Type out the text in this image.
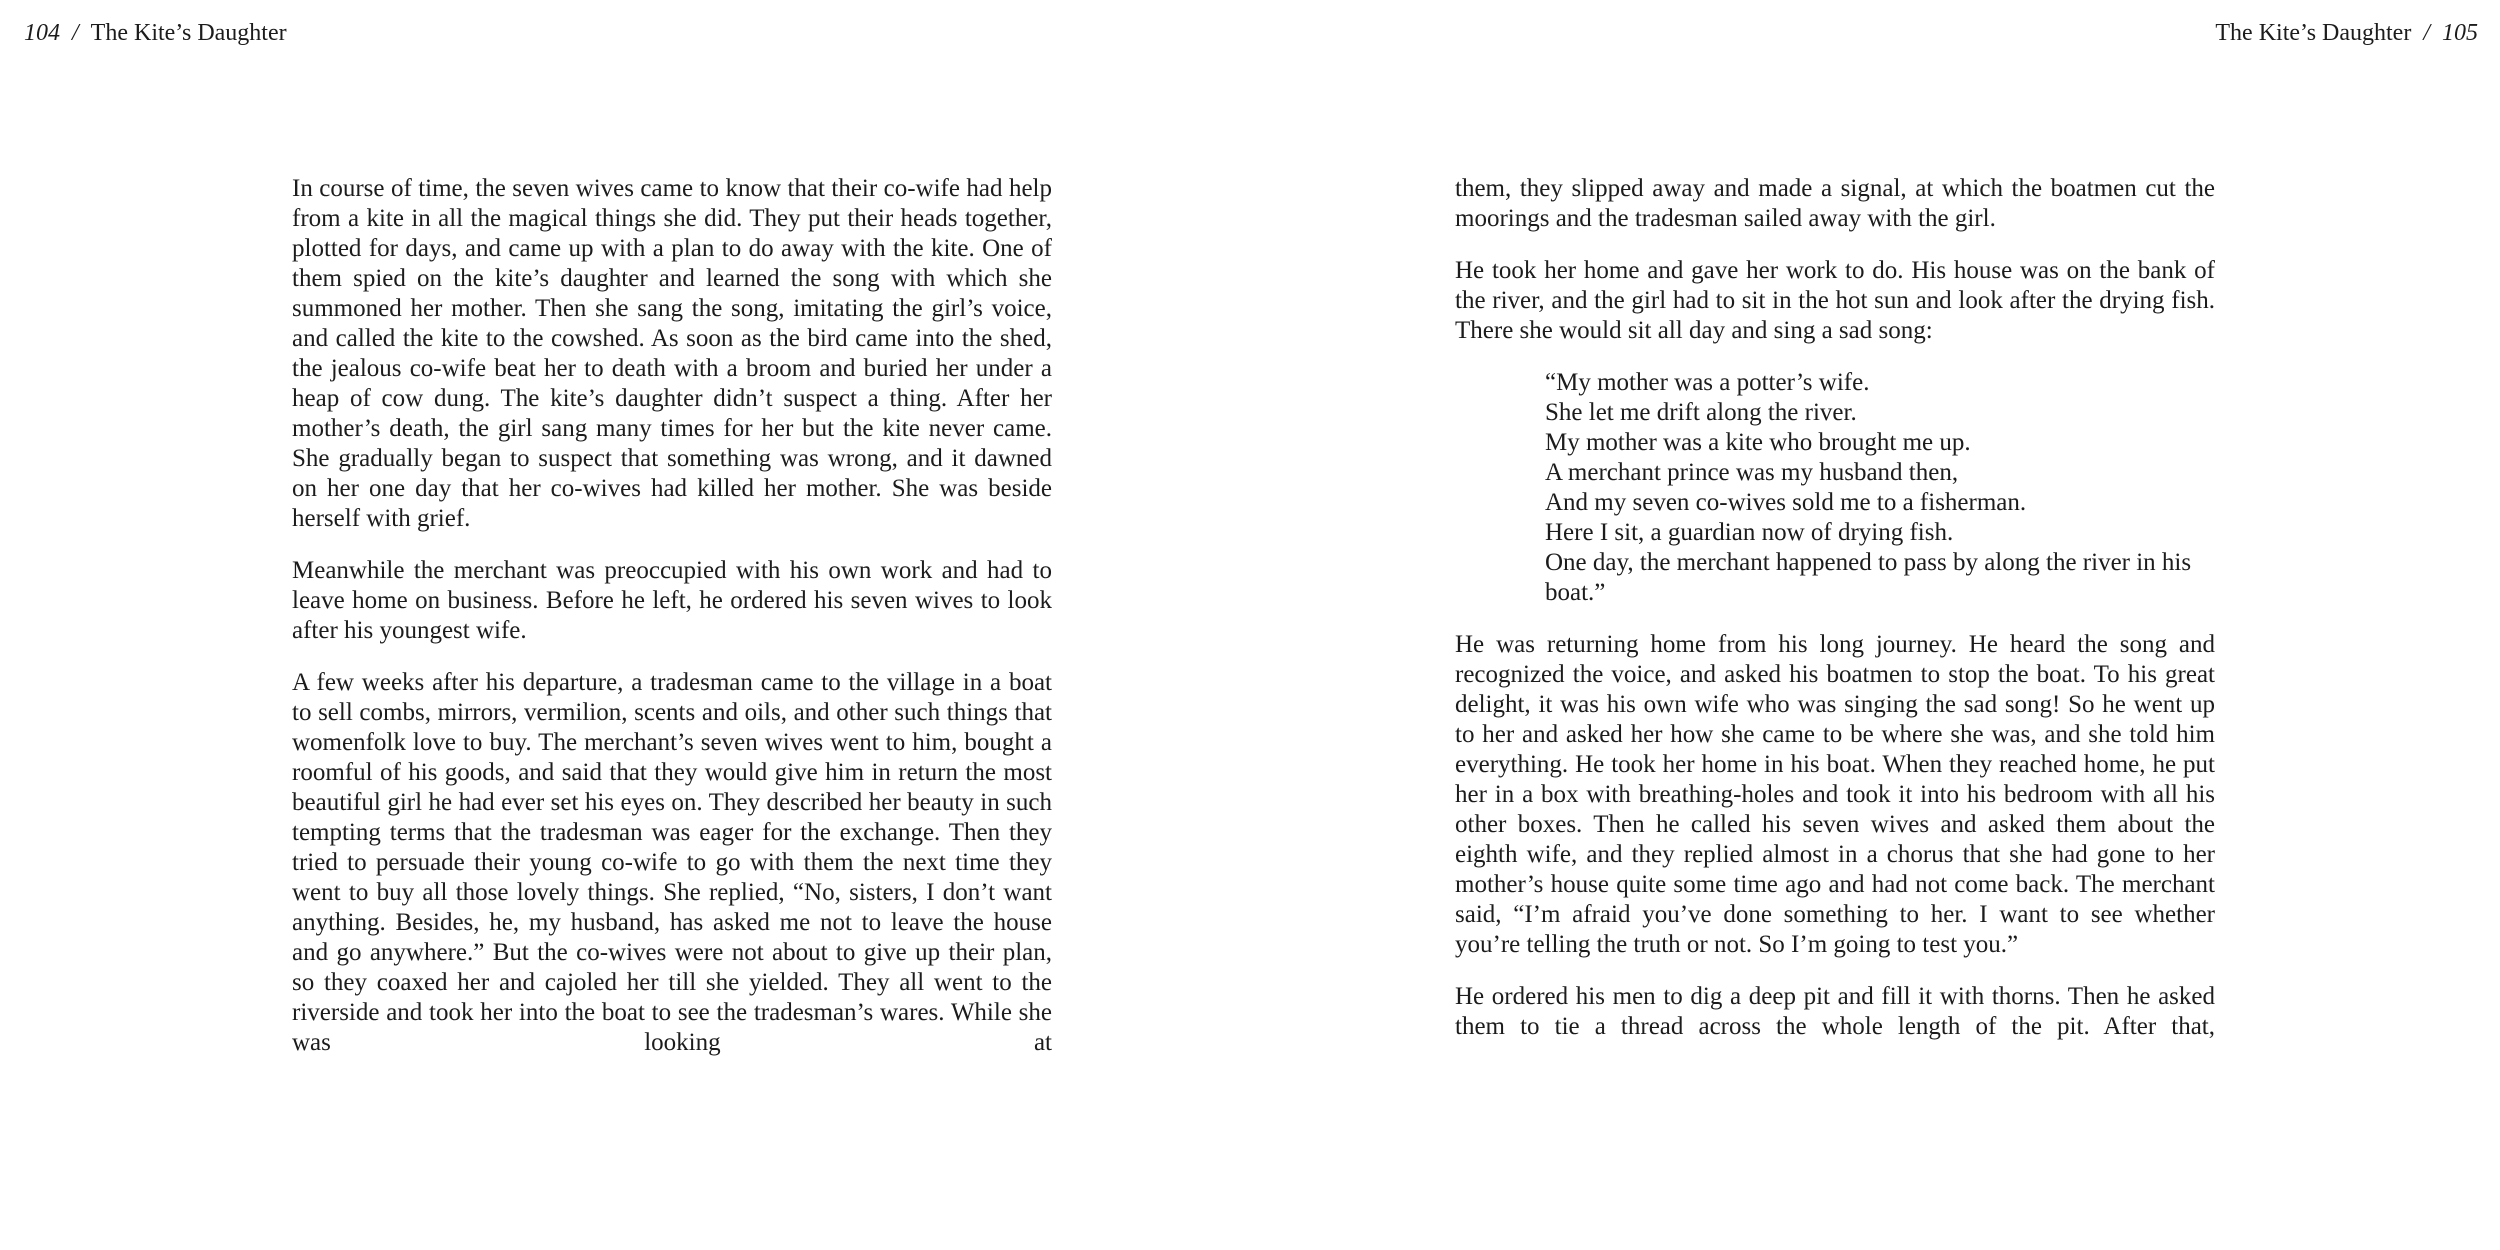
104 / The Kite’s Daughter	The Kite’s Daughter / 105

In course of time, the seven wives came to know that their co-wife had help from a kite in all the magical things she did. They put their heads together, plotted for days, and came up with a plan to do away with the kite. One of them spied on the kite’s daughter and learned the song with which she summoned her mother. Then she sang the song, imitating the girl’s voice, and called the kite to the cowshed. As soon as the bird came into the shed, the jealous co-wife beat her to death with a broom and buried her under a heap of cow dung. The kite’s daughter didn’t suspect a thing. After her mother’s death, the girl sang many times for her but the kite never came. She gradually began to suspect that something was wrong, and it dawned on her one day that her co-wives had killed her mother. She was beside herself with grief.

Meanwhile the merchant was preoccupied with his own work and had to leave home on business. Before he left, he ordered his seven wives to look after his youngest wife.

A few weeks after his departure, a tradesman came to the village in a boat to sell combs, mirrors, vermilion, scents and oils, and other such things that womenfolk love to buy. The merchant’s seven wives went to him, bought a roomful of his goods, and said that they would give him in return the most beautiful girl he had ever set his eyes on. They described her beauty in such tempting terms that the tradesman was eager for the exchange. Then they tried to persuade their young co-wife to go with them the next time they went to buy all those lovely things. She replied, “No, sisters, I don’t want anything. Besides, he, my husband, has asked me not to leave the house and go anywhere.” But the co-wives were not about to give up their plan, so they coaxed her and cajoled her till she yielded. They all went to the riverside and took her into the boat to see the tradesman’s wares. While she was looking at

them, they slipped away and made a signal, at which the boatmen cut the moorings and the tradesman sailed away with the girl.

He took her home and gave her work to do. His house was on the bank of the river, and the girl had to sit in the hot sun and look after the drying fish. There she would sit all day and sing a sad song:

“My mother was a potter’s wife.
She let me drift along the river.
My mother was a kite who brought me up.
A merchant prince was my husband then,
And my seven co-wives sold me to a fisherman.
Here I sit, a guardian now of drying fish.
One day, the merchant happened to pass by along the river in his boat.”

He was returning home from his long journey. He heard the song and recognized the voice, and asked his boatmen to stop the boat. To his great delight, it was his own wife who was singing the sad song! So he went up to her and asked her how she came to be where she was, and she told him everything. He took her home in his boat. When they reached home, he put her in a box with breathing-holes and took it into his bedroom with all his other boxes. Then he called his seven wives and asked them about the eighth wife, and they replied almost in a chorus that she had gone to her mother’s house quite some time ago and had not come back. The merchant said, “I’m afraid you’ve done something to her. I want to see whether you’re telling the truth or not. So I’m going to test you.”

He ordered his men to dig a deep pit and fill it with thorns. Then he asked them to tie a thread across the whole length of the pit. After that,
